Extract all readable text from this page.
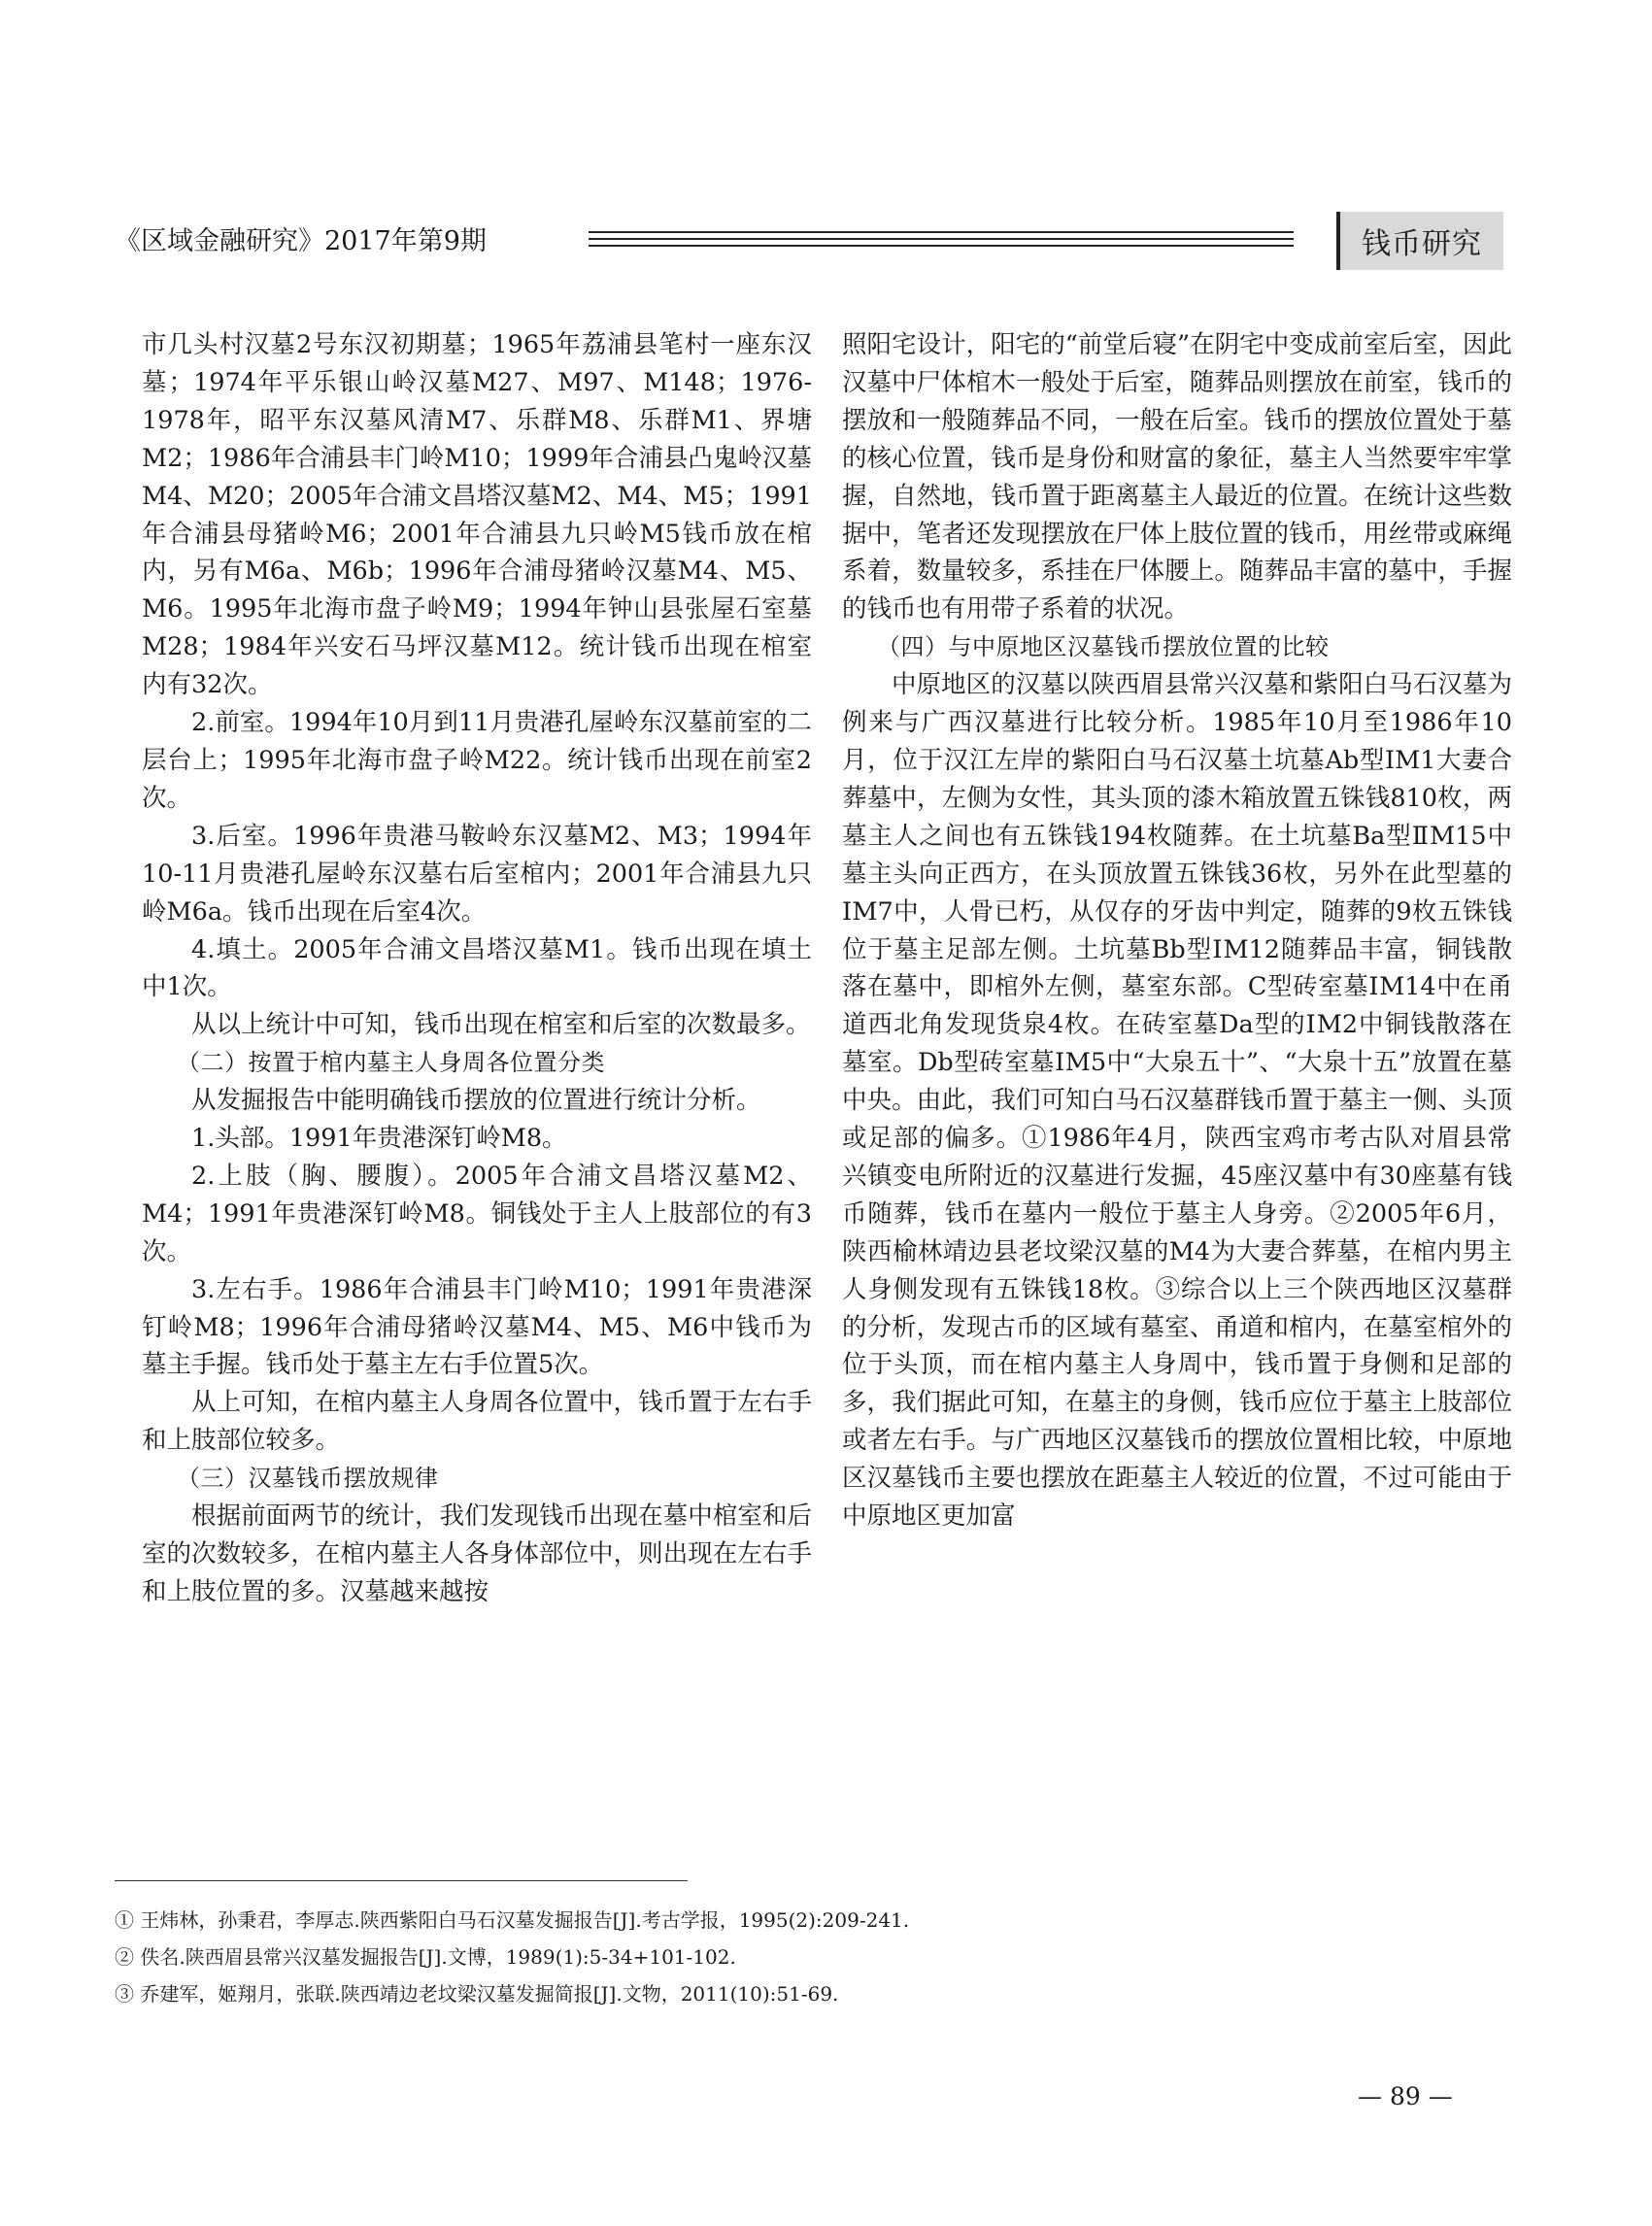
《区域金融研究》2017年第9期	钱币研究

市几头村汉墓2号东汉初期墓；1965年荔浦县笔村一座东汉墓；1974年平乐银山岭汉墓M27、M97、M148；1976-1978年，昭平东汉墓风清M7、乐群M8、乐群M1、界塘M2；1986年合浦县丰门岭M10；1999年合浦县凸鬼岭汉墓M4、M20；2005年合浦文昌塔汉墓M2、M4、M5；1991年合浦县母猪岭M6；2001年合浦县九只岭M5钱币放在棺内，另有M6a、M6b；1996年合浦母猪岭汉墓M4、M5、M6。1995年北海市盘子岭M9；1994年钟山县张屋石室墓M28；1984年兴安石马坪汉墓M12。统计钱币出现在棺室内有32次。

2.前室。1994年10月到11月贵港孔屋岭东汉墓前室的二层台上；1995年北海市盘子岭M22。统计钱币出现在前室2次。

3.后室。1996年贵港马鞍岭东汉墓M2、M3；1994年10-11月贵港孔屋岭东汉墓右后室棺内；2001年合浦县九只岭M6a。钱币出现在后室4次。

4.填土。2005年合浦文昌塔汉墓M1。钱币出现在填土中1次。

从以上统计中可知，钱币出现在棺室和后室的次数最多。

（二）按置于棺内墓主人身周各位置分类

从发掘报告中能明确钱币摆放的位置进行统计分析。

1.头部。1991年贵港深钉岭M8。

2.上肢（胸、腰腹）。2005年合浦文昌塔汉墓M2、M4；1991年贵港深钉岭M8。铜钱处于主人上肢部位的有3次。

3.左右手。1986年合浦县丰门岭M10；1991年贵港深钉岭M8；1996年合浦母猪岭汉墓M4、M5、M6中钱币为墓主手握。钱币处于墓主左右手位置5次。

从上可知，在棺内墓主人身周各位置中，钱币置于左右手和上肢部位较多。

（三）汉墓钱币摆放规律

根据前面两节的统计，我们发现钱币出现在墓中棺室和后室的次数较多，在棺内墓主人各身体部位中，则出现在左右手和上肢位置的多。汉墓越来越按

照阳宅设计，阳宅的“前堂后寝”在阴宅中变成前室后室，因此汉墓中尸体棺木一般处于后室，随葬品则摆放在前室，钱币的摆放和一般随葬品不同，一般在后室。钱币的摆放位置处于墓的核心位置，钱币是身份和财富的象征，墓主人当然要牢牢掌握，自然地，钱币置于距离墓主人最近的位置。在统计这些数据中，笔者还发现摆放在尸体上肢位置的钱币，用丝带或麻绳系着，数量较多，系挂在尸体腰上。随葬品丰富的墓中，手握的钱币也有用带子系着的状况。

（四）与中原地区汉墓钱币摆放位置的比较

中原地区的汉墓以陕西眉县常兴汉墓和紫阳白马石汉墓为例来与广西汉墓进行比较分析。1985年10月至1986年10月，位于汉江左岸的紫阳白马石汉墓土坑墓Ab型IM1大妻合葬墓中，左侧为女性，其头顶的漆木箱放置五铢钱810枚，两墓主人之间也有五铢钱194枚随葬。在土坑墓Ba型ⅡM15中墓主头向正西方，在头顶放置五铢钱36枚，另外在此型墓的ⅠM7中，人骨已朽，从仅存的牙齿中判定，随葬的9枚五铢钱位于墓主足部左侧。土坑墓Bb型ⅠM12随葬品丰富，铜钱散落在墓中，即棺外左侧，墓室东部。C型砖室墓ⅠM14中在甬道西北角发现货泉4枚。在砖室墓Da型的ⅠM2中铜钱散落在墓室。Db型砖室墓ⅠM5中“大泉五十”、“大泉十五”放置在墓中央。由此，我们可知白马石汉墓群钱币置于墓主一侧、头顶或足部的偏多。①1986年4月，陕西宝鸡市考古队对眉县常兴镇变电所附近的汉墓进行发掘，45座汉墓中有30座墓有钱币随葬，钱币在墓内一般位于墓主人身旁。②2005年6月，陕西榆林靖边县老坟梁汉墓的M4为大妻合葬墓，在棺内男主人身侧发现有五铢钱18枚。③综合以上三个陕西地区汉墓群的分析，发现古币的区域有墓室、甬道和棺内，在墓室棺外的位于头顶，而在棺内墓主人身周中，钱币置于身侧和足部的多，我们据此可知，在墓主的身侧，钱币应位于墓主上肢部位或者左右手。与广西地区汉墓钱币的摆放位置相比较，中原地区汉墓钱币主要也摆放在距墓主人较近的位置，不过可能由于中原地区更加富

① 王炜林，孙秉君，李厚志.陕西紫阳白马石汉墓发掘报告[J].考古学报，1995(2):209-241.
② 佚名.陕西眉县常兴汉墓发掘报告[J].文博，1989(1):5-34+101-102.
③ 乔建军，姬翔月，张联.陕西靖边老坟梁汉墓发掘简报[J].文物，2011(10):51-69.
— 89 —
